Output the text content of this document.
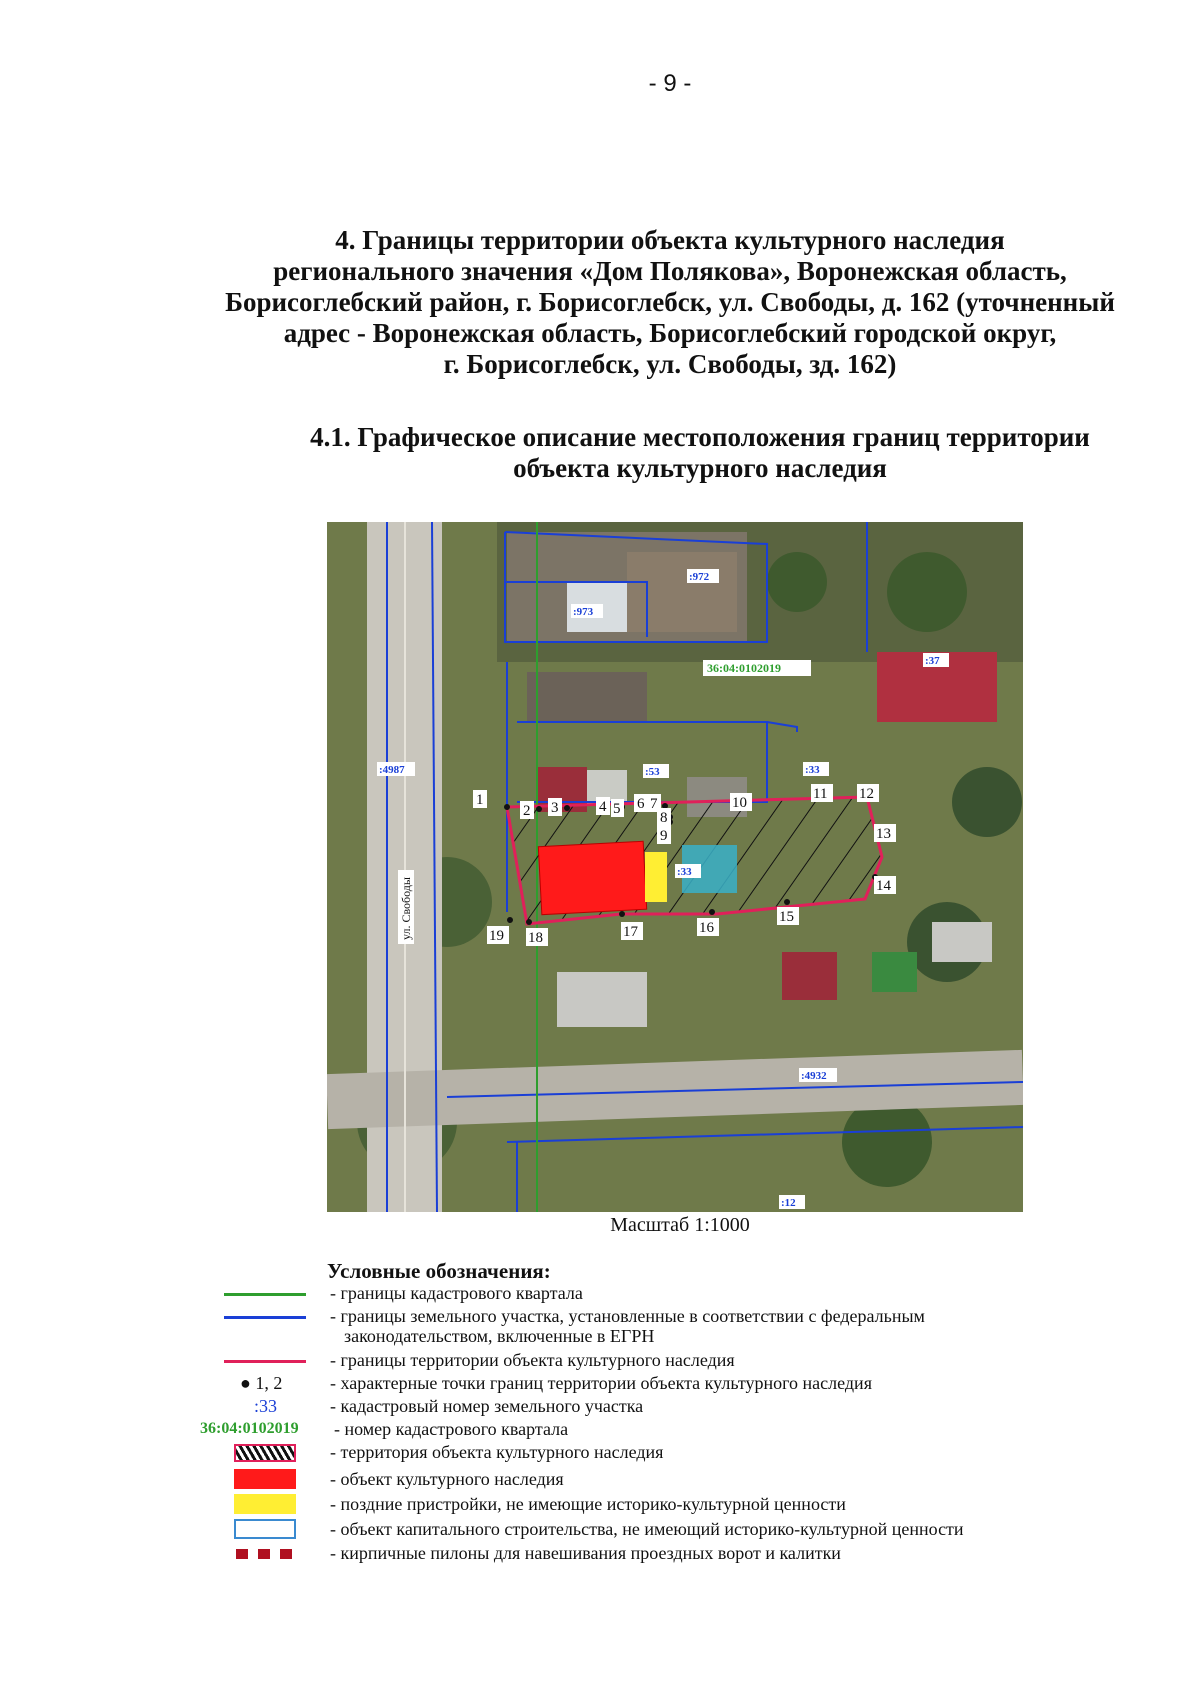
- 9 -
4. Границы территории объекта культурного наследия
регионального значения «Дом Полякова», Воронежская область,
Борисоглебский район, г. Борисоглебск, ул. Свободы, д. 162 (уточненный
адрес - Воронежская область, Борисоглебский городской округ,
г. Борисоглебск, ул. Свободы, зд. 162)
4.1. Графическое описание местоположения границ территории
объекта культурного наследия
1
2 3	4 5 6 7
8
9
10
11 12
13
14
15
16
17
18
19
:972
:973
:37
:4987	:53	:33
:33
:4932
:12
36:04:0102019
ул. Свободы
Масштаб 1:1000
Условные обозначения:
- границы кадастрового квартала
- границы земельного участка, установленные в соответствии с федеральным
законодательством, включенные в ЕГРН
- границы территории объекта культурного наследия
● 1, 2	- характерные точки границ территории объекта культурного наследия
:33	- кадастровый номер земельного участка
36:04:0102019 - номер кадастрового квартала
- территория объекта культурного наследия
- объект культурного наследия
- поздние пристройки, не имеющие историко-культурной ценности
- объект капитального строительства, не имеющий историко-культурной ценности
- кирпичные пилоны для навешивания проездных ворот и калитки
